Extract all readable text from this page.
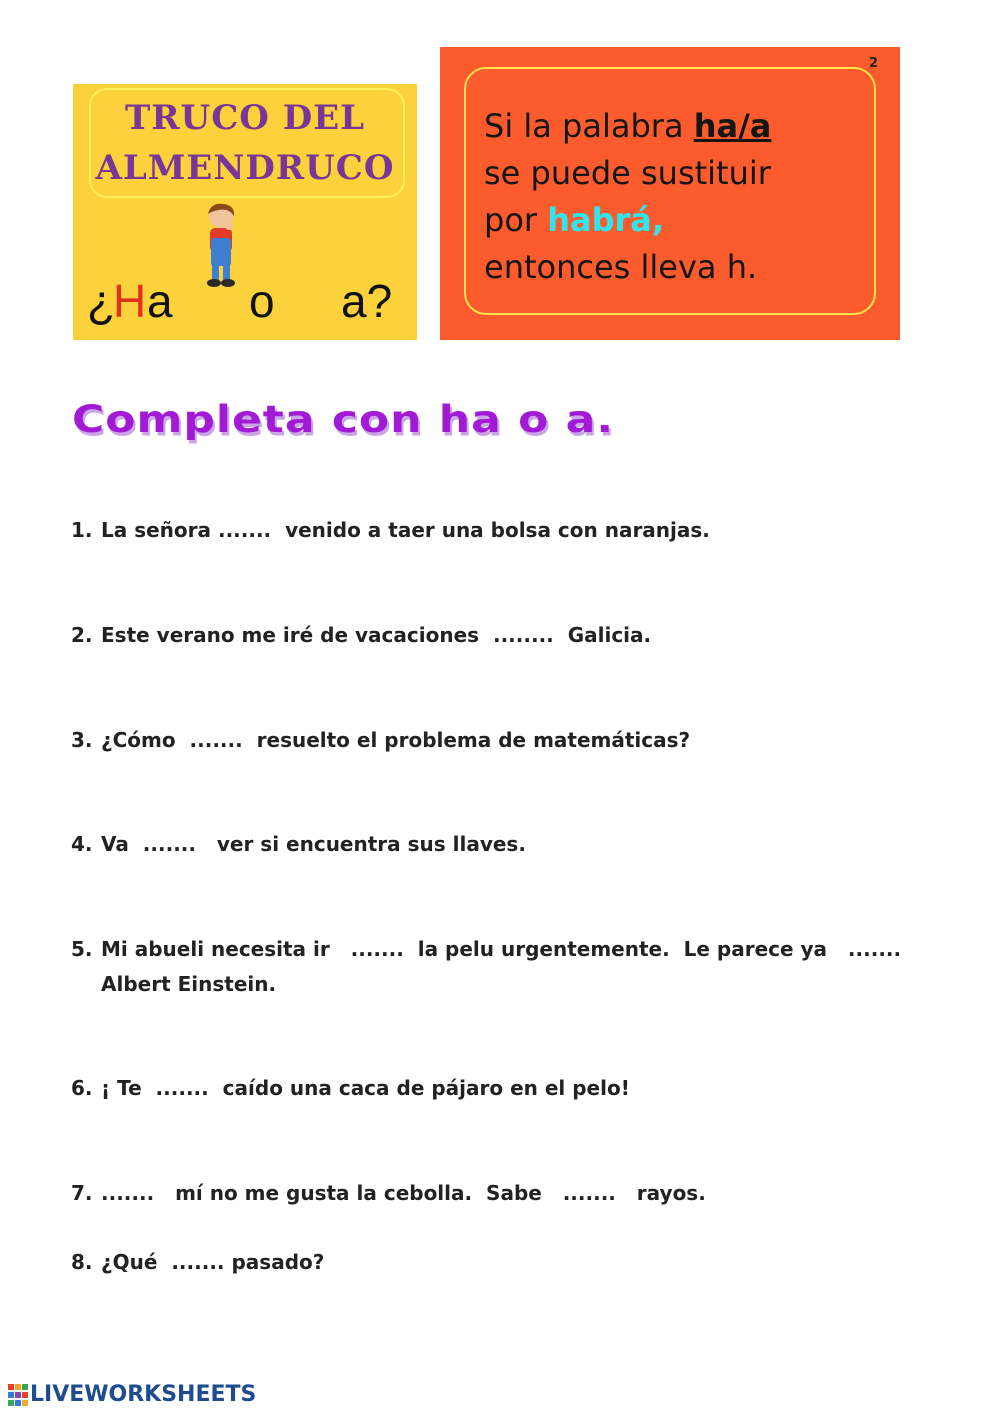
TRUCO DEL
ALMENDRUCO
¿
H a o a?
2
Si la palabra ha/a
se puede sustituir
por habrá,
entonces lleva h.
Completa con ha o a.

1.

La señora .......  venido a taer una bolsa con naranjas.

2.

Este verano me iré de vacaciones  ........  Galicia.

3.

¿Cómo  .......  resuelto el problema de matemáticas?

4.

Va  .......   ver si encuentra sus llaves.

5.

Mi abueli necesita ir   .......  la pelu urgentemente.  Le parece ya   .......
Albert Einstein.

6.

¡ Te  .......  caído una caca de pájaro en el pelo!

7.

.......   mí no me gusta la cebolla.  Sabe   .......   rayos.

8.

¿Qué  ....... pasado?

LIVEWORKSHEETS
